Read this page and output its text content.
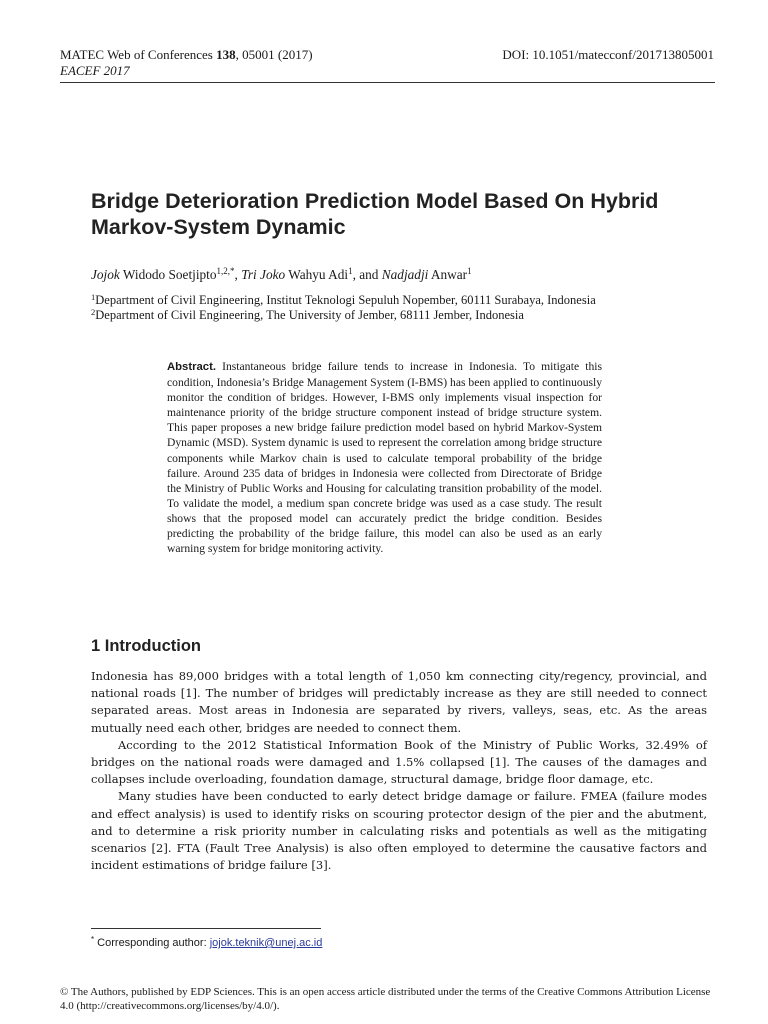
MATEC Web of Conferences 138, 05001 (2017)	DOI: 10.1051/matecconf/201713805001
EACEF 2017
Bridge Deterioration Prediction Model Based On Hybrid Markov-System Dynamic
Jojok Widodo Soetjipto$^{1,2,*}$, Tri Joko Wahyu Adi$^1$, and Nadjadji Anwar$^1$
$^1$Department of Civil Engineering, Institut Teknologi Sepuluh Nopember, 60111 Surabaya, Indonesia
$^2$Department of Civil Engineering, The University of Jember, 68111 Jember, Indonesia
Abstract. Instantaneous bridge failure tends to increase in Indonesia. To mitigate this condition, Indonesia’s Bridge Management System (I-BMS) has been applied to continuously monitor the condition of bridges. However, I-BMS only implements visual inspection for maintenance priority of the bridge structure component instead of bridge structure system. This paper proposes a new bridge failure prediction model based on hybrid Markov-System Dynamic (MSD). System dynamic is used to represent the correlation among bridge structure components while Markov chain is used to calculate temporal probability of the bridge failure. Around 235 data of bridges in Indonesia were collected from Directorate of Bridge the Ministry of Public Works and Housing for calculating transition probability of the model. To validate the model, a medium span concrete bridge was used as a case study. The result shows that the proposed model can accurately predict the bridge condition. Besides predicting the probability of the bridge failure, this model can also be used as an early warning system for bridge monitoring activity.
1 Introduction

Indonesia has 89,000 bridges with a total length of 1,050 km connecting city/regency, provincial, and national roads [1]. The number of bridges will predictably increase as they are still needed to connect separated areas. Most areas in Indonesia are separated by rivers, valleys, seas, etc. As the areas mutually need each other, bridges are needed to connect them.

According to the 2012 Statistical Information Book of the Ministry of Public Works, 32.49% of bridges on the national roads were damaged and 1.5% collapsed [1]. The causes of the damages and collapses include overloading, foundation damage, structural damage, bridge floor damage, etc.

Many studies have been conducted to early detect bridge damage or failure. FMEA (failure modes and effect analysis) is used to identify risks on scouring protector design of the pier and the abutment, and to determine a risk priority number in calculating risks and potentials as well as the mitigating scenarios [2]. FTA (Fault Tree Analysis) is also often employed to determine the causative factors and incident estimations of bridge failure [3].

* Corresponding author: jojok.teknik@unej.ac.id
© The Authors, published by EDP Sciences. This is an open access article distributed under the terms of the Creative Commons Attribution License 4.0 (http://creativecommons.org/licenses/by/4.0/).
